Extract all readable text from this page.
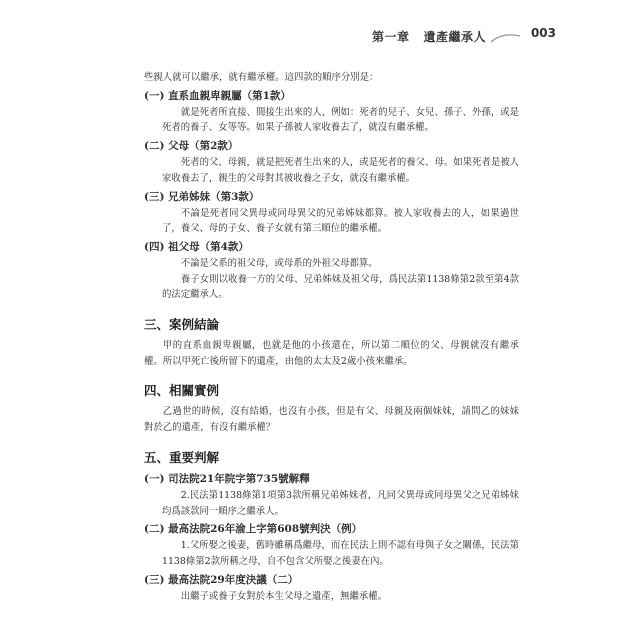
第一章 遺產繼承人	003

些親人就可以繼承，就有繼承權。這四款的順序分別是：

(一) 直系血親卑親屬（第1款）

就是死者所直接、間接生出來的人，例如：死者的兒子、女兒、孫子、外孫，或是死者的養子、女等等。如果子孫被人家收養去了，就沒有繼承權。

(二) 父母（第2款）

死者的父、母親，就是把死者生出來的人，或是死者的養父、母。如果死者是被人家收養去了，親生的父母對其被收養之子女，就沒有繼承權。

(三) 兄弟姊妹（第3款）

不論是死者同父異母或同母異父的兄弟姊妹都算。被人家收養去的人，如果過世了，養父、母的子女、養子女就有第三順位的繼承權。

(四) 祖父母（第4款）

不論是父系的祖父母，或母系的外祖父母都算。

養子女則以收養一方的父母、兄弟姊妹及祖父母，爲民法第1138條第2款至第4款的法定繼承人。

三、案例結論

甲的直系血親卑親屬，也就是他的小孩還在，所以第二順位的父、母親就沒有繼承權。所以甲死亡後所留下的遺產，由他的太太及2歲小孩來繼承。

四、相關實例

乙過世的時候，沒有結婚，也沒有小孩，但是有父、母親及兩個妹妹，請問乙的妹妹對於乙的遺產，有沒有繼承權？

五、重要判解
(一) 司法院21年院字第735號解釋

2.民法第1138條第1項第3款所稱兄弟姊妹者，凡同父異母或同母異父之兄弟姊妹均爲該款同一順序之繼承人。

(二) 最高法院26年渝上字第608號判決（例）

1.父所娶之後妻，舊時雖稱爲繼母，而在民法上則不認有母與子女之關係，民法第1138條第2款所稱之母，自不包含父所娶之後妻在內。

(三) 最高法院29年度決議（二）

出繼子或養子女對於本生父母之遺產，無繼承權。
